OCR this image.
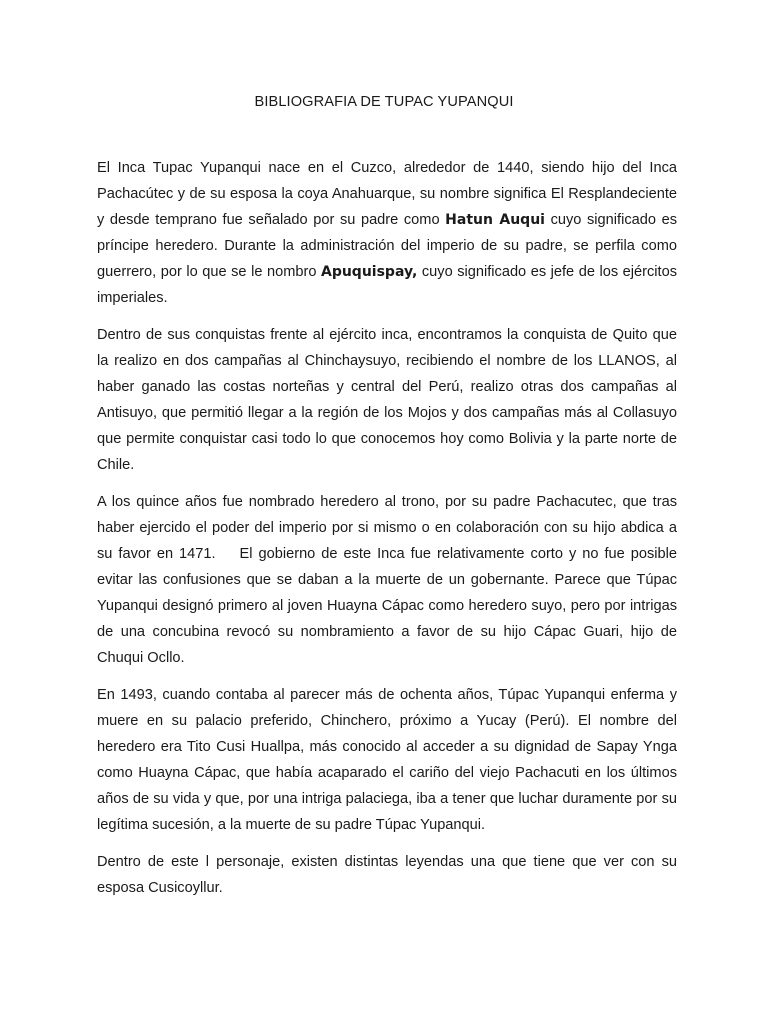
BIBLIOGRAFIA DE TUPAC YUPANQUI

El Inca Tupac Yupanqui nace en el Cuzco, alrededor de 1440, siendo hijo del Inca Pachacútec y de su esposa la coya Anahuarque, su nombre significa El Resplandeciente y desde temprano fue señalado por su padre como Hatun Auqui cuyo significado es príncipe heredero. Durante la administración del imperio de su padre, se perfila como guerrero, por lo que se le nombro Apuquispay, cuyo significado es jefe de los ejércitos imperiales.

Dentro de sus conquistas frente al ejército inca, encontramos la conquista de Quito que la realizo en dos campañas al Chinchaysuyo, recibiendo el nombre de los LLANOS, al haber ganado las costas norteñas y central del Perú, realizo otras dos campañas al Antisuyo, que permitió llegar a la región de los Mojos y dos campañas más al Collasuyo que permite conquistar casi todo lo que conocemos hoy como Bolivia y la parte norte de Chile.

A los quince años fue nombrado heredero al trono, por su padre Pachacutec, que tras haber ejercido el poder del imperio por si mismo o en colaboración con su hijo abdica a su favor en 1471.    El gobierno de este Inca fue relativamente corto y no fue posible evitar las confusiones que se daban a la muerte de un gobernante. Parece que Túpac Yupanqui designó primero al joven Huayna Cápac como heredero suyo, pero por intrigas de una concubina revocó su nombramiento a favor de su hijo Cápac Guari, hijo de Chuqui Ocllo.

En 1493, cuando contaba al parecer más de ochenta años, Túpac Yupanqui enferma y muere en su palacio preferido, Chinchero, próximo a Yucay (Perú). El nombre del heredero era Tito Cusi Huallpa, más conocido al acceder a su dignidad de Sapay Ynga como Huayna Cápac, que había acaparado el cariño del viejo Pachacuti en los últimos años de su vida y que, por una intriga palaciega, iba a tener que luchar duramente por su legítima sucesión, a la muerte de su padre Túpac Yupanqui.

Dentro de este l personaje, existen distintas leyendas una que tiene que ver con su esposa Cusicoyllur.
